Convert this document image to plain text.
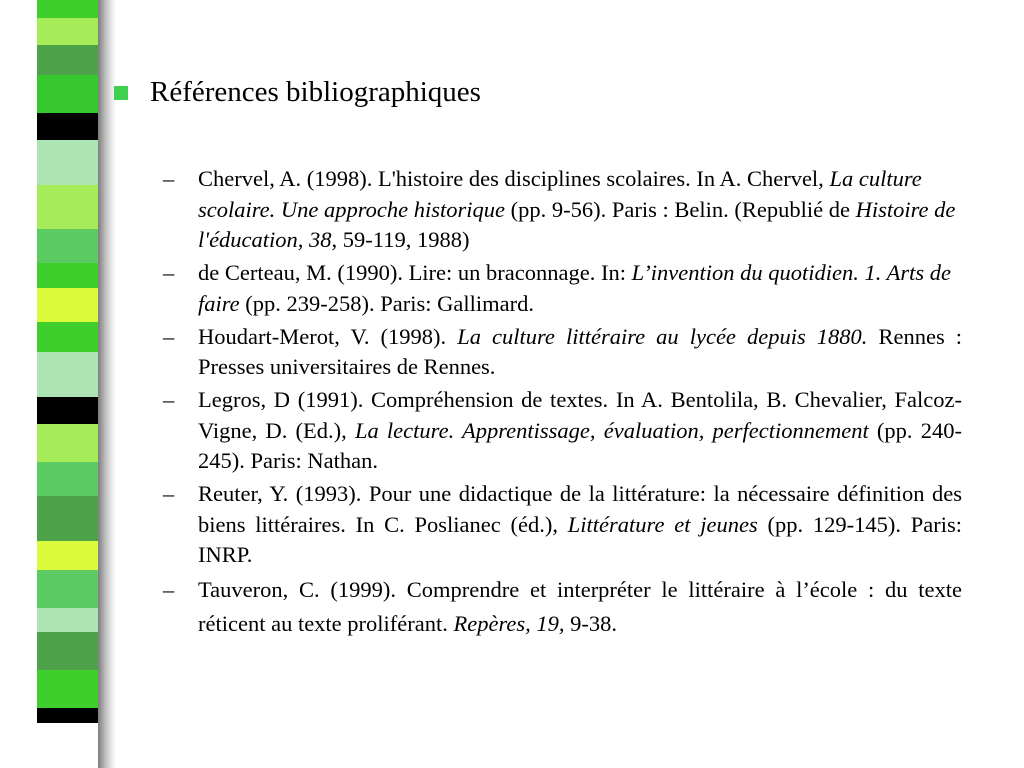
Références bibliographiques
– Chervel, A. (1998). L'histoire des disciplines scolaires. In A. Chervel, La culture scolaire. Une approche historique (pp. 9-56). Paris : Belin. (Republié de Histoire de l'éducation, 38, 59-119, 1988)
– de Certeau, M. (1990). Lire: un braconnage. In: L’invention du quotidien. 1. Arts de faire (pp. 239-258). Paris: Gallimard.
– Houdart-Merot, V. (1998). La culture littéraire au lycée depuis 1880. Rennes : Presses universitaires de Rennes.
– Legros, D (1991). Compréhension de textes. In A. Bentolila, B. Chevalier, Falcoz-Vigne, D. (Ed.), La lecture. Apprentissage, évaluation, perfectionnement (pp. 240-245). Paris: Nathan.
– Reuter, Y. (1993). Pour une didactique de la littérature: la nécessaire définition des biens littéraires. In C. Poslianec (éd.), Littérature et jeunes (pp. 129-145). Paris: INRP.
– Tauveron, C. (1999). Comprendre et interpréter le littéraire à l’école : du texte réticent au texte proliférant. Repères, 19, 9-38.
